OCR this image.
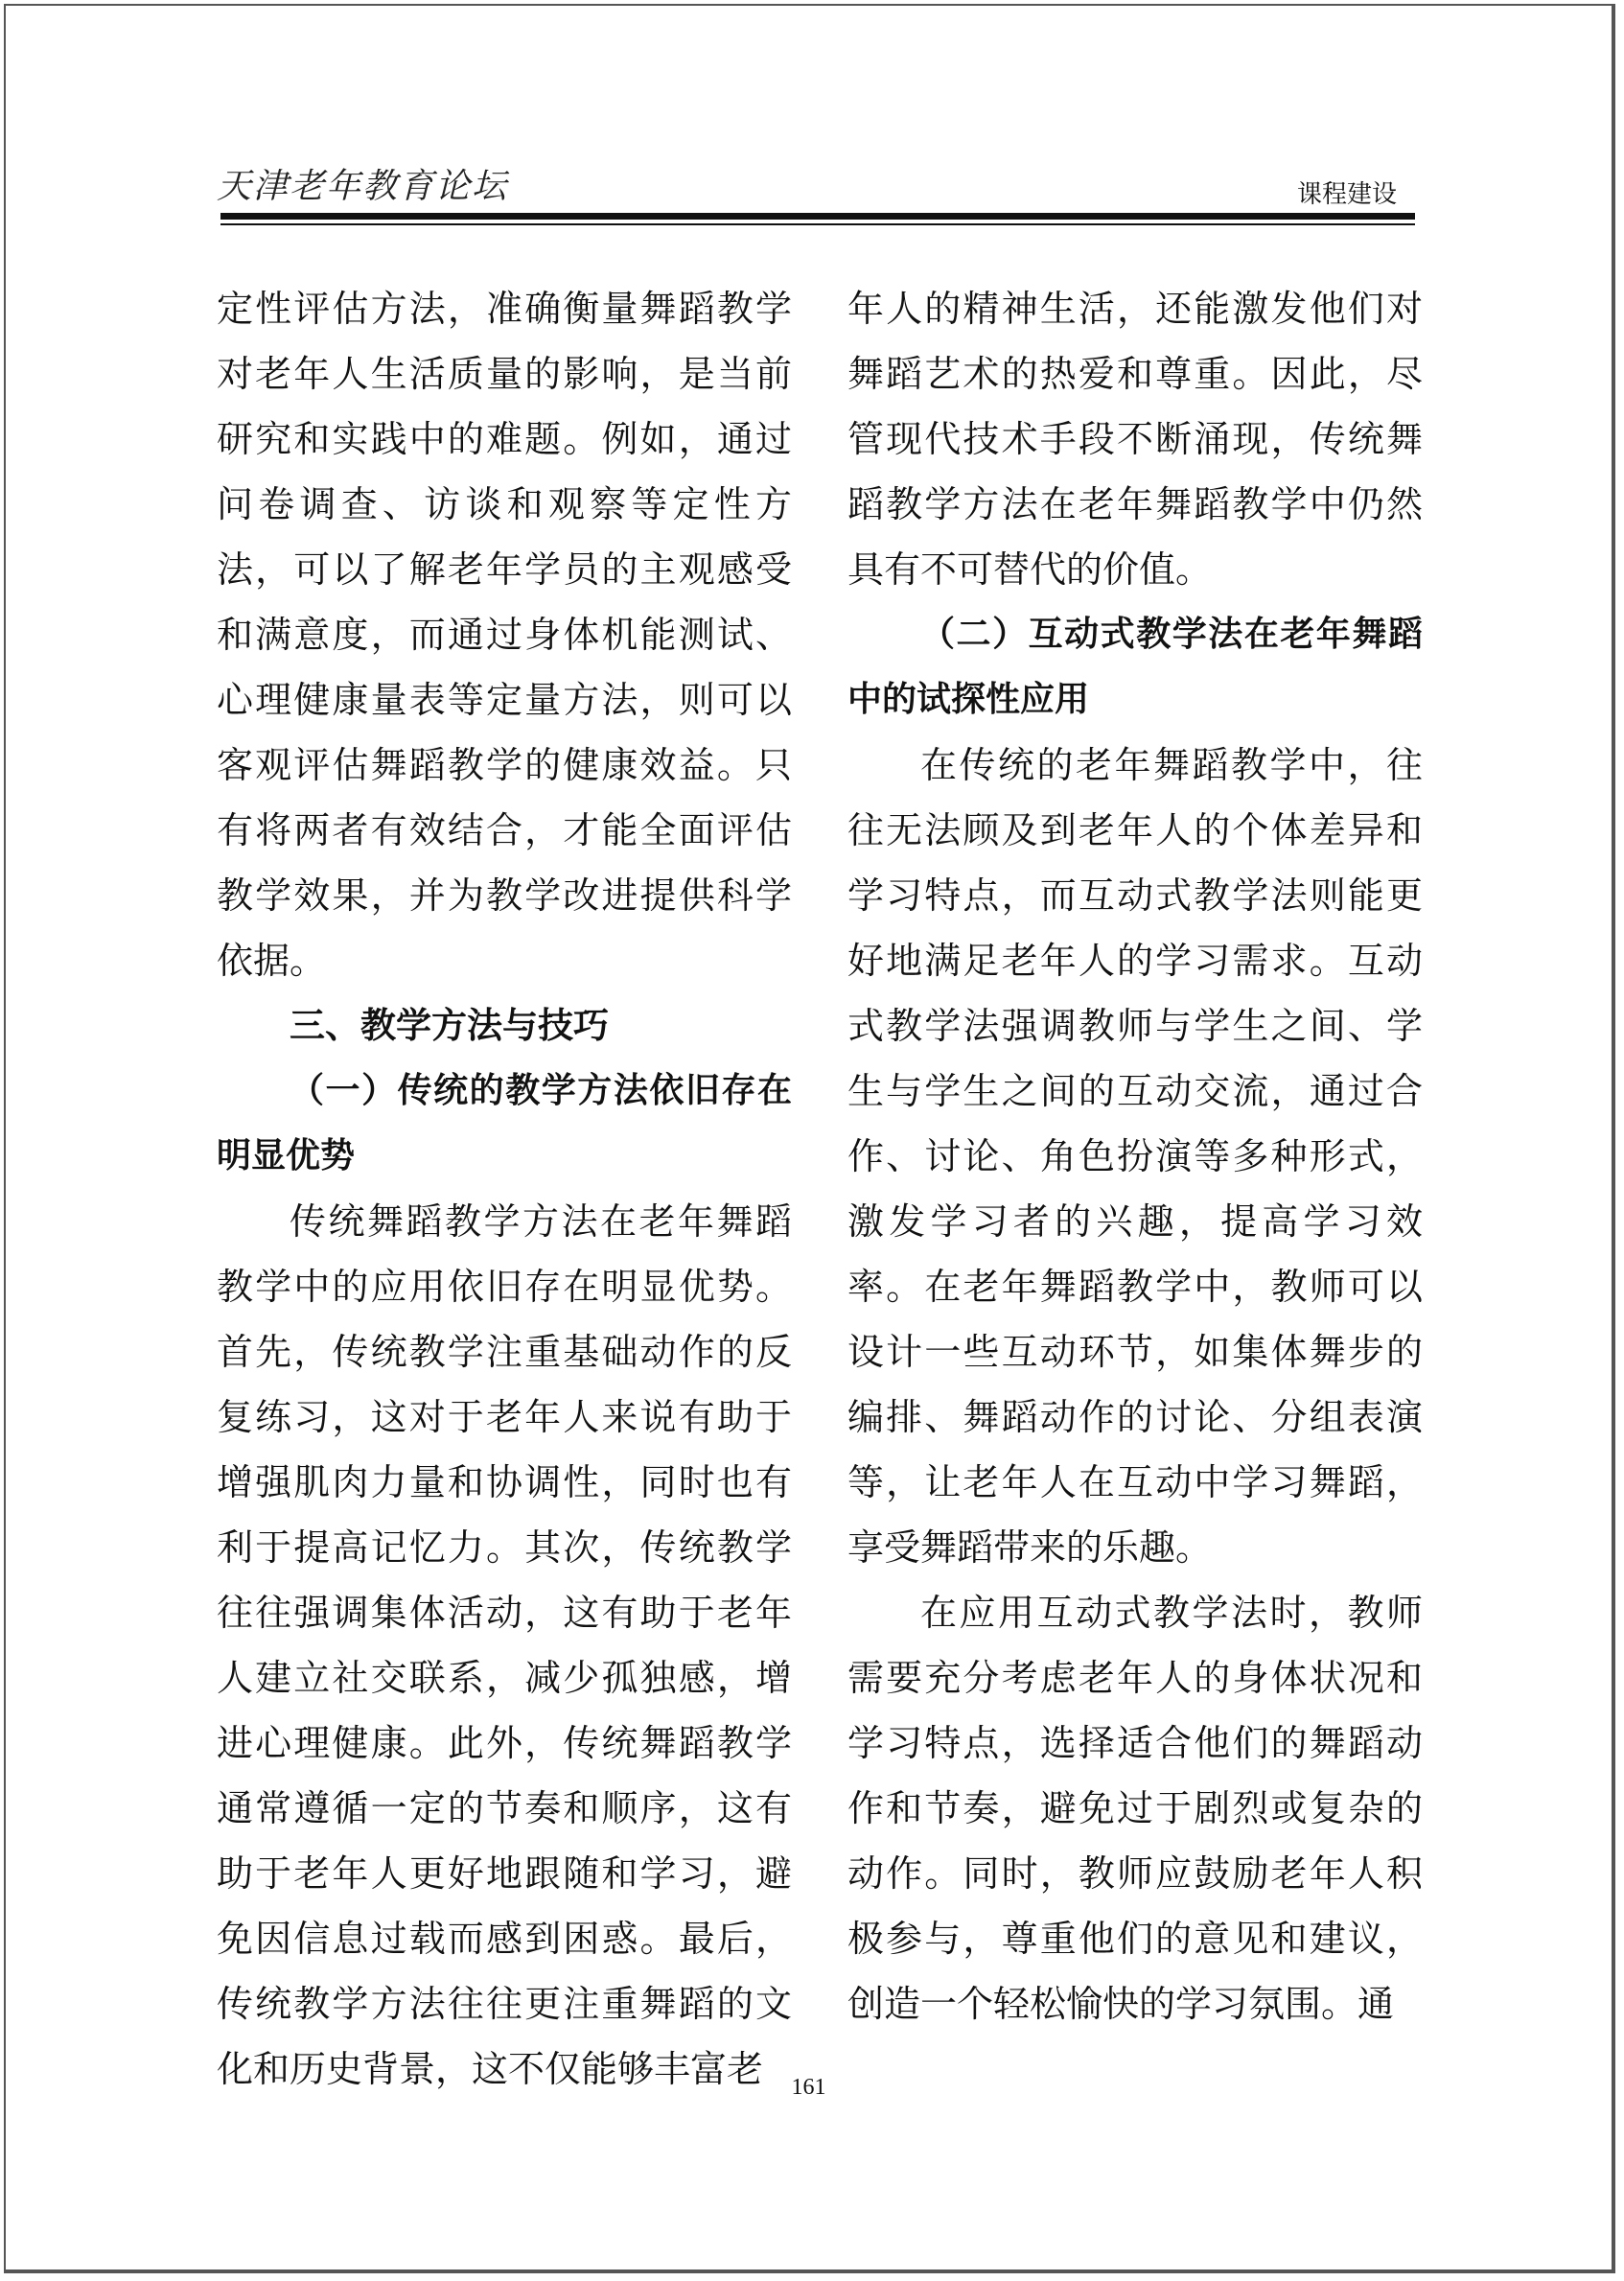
天津老年教育论坛	课程建设

定性评估方法，准确衡量舞蹈教学对老年人生活质量的影响，是当前研究和实践中的难题。例如，通过问卷调查、访谈和观察等定性方法，可以了解老年学员的主观感受和满意度，而通过身体机能测试、心理健康量表等定量方法，则可以客观评估舞蹈教学的健康效益。只有将两者有效结合，才能全面评估教学效果，并为教学改进提供科学依据。

三、教学方法与技巧

（一）传统的教学方法依旧存在明显优势

传统舞蹈教学方法在老年舞蹈教学中的应用依旧存在明显优势。首先，传统教学注重基础动作的反复练习，这对于老年人来说有助于增强肌肉力量和协调性，同时也有利于提高记忆力。其次，传统教学往往强调集体活动，这有助于老年人建立社交联系，减少孤独感，增进心理健康。此外，传统舞蹈教学通常遵循一定的节奏和顺序，这有助于老年人更好地跟随和学习，避免因信息过载而感到困惑。最后，传统教学方法往往更注重舞蹈的文化和历史背景，这不仅能够丰富老

年人的精神生活，还能激发他们对舞蹈艺术的热爱和尊重。因此，尽管现代技术手段不断涌现，传统舞蹈教学方法在老年舞蹈教学中仍然具有不可替代的价值。

（二）互动式教学法在老年舞蹈中的试探性应用

在传统的老年舞蹈教学中，往往无法顾及到老年人的个体差异和学习特点，而互动式教学法则能更好地满足老年人的学习需求。互动式教学法强调教师与学生之间、学生与学生之间的互动交流，通过合作、讨论、角色扮演等多种形式，激发学习者的兴趣，提高学习效率。在老年舞蹈教学中，教师可以设计一些互动环节，如集体舞步的编排、舞蹈动作的讨论、分组表演等，让老年人在互动中学习舞蹈，享受舞蹈带来的乐趣。

在应用互动式教学法时，教师需要充分考虑老年人的身体状况和学习特点，选择适合他们的舞蹈动作和节奏，避免过于剧烈或复杂的动作。同时，教师应鼓励老年人积极参与，尊重他们的意见和建议，创造一个轻松愉快的学习氛围。通

161
